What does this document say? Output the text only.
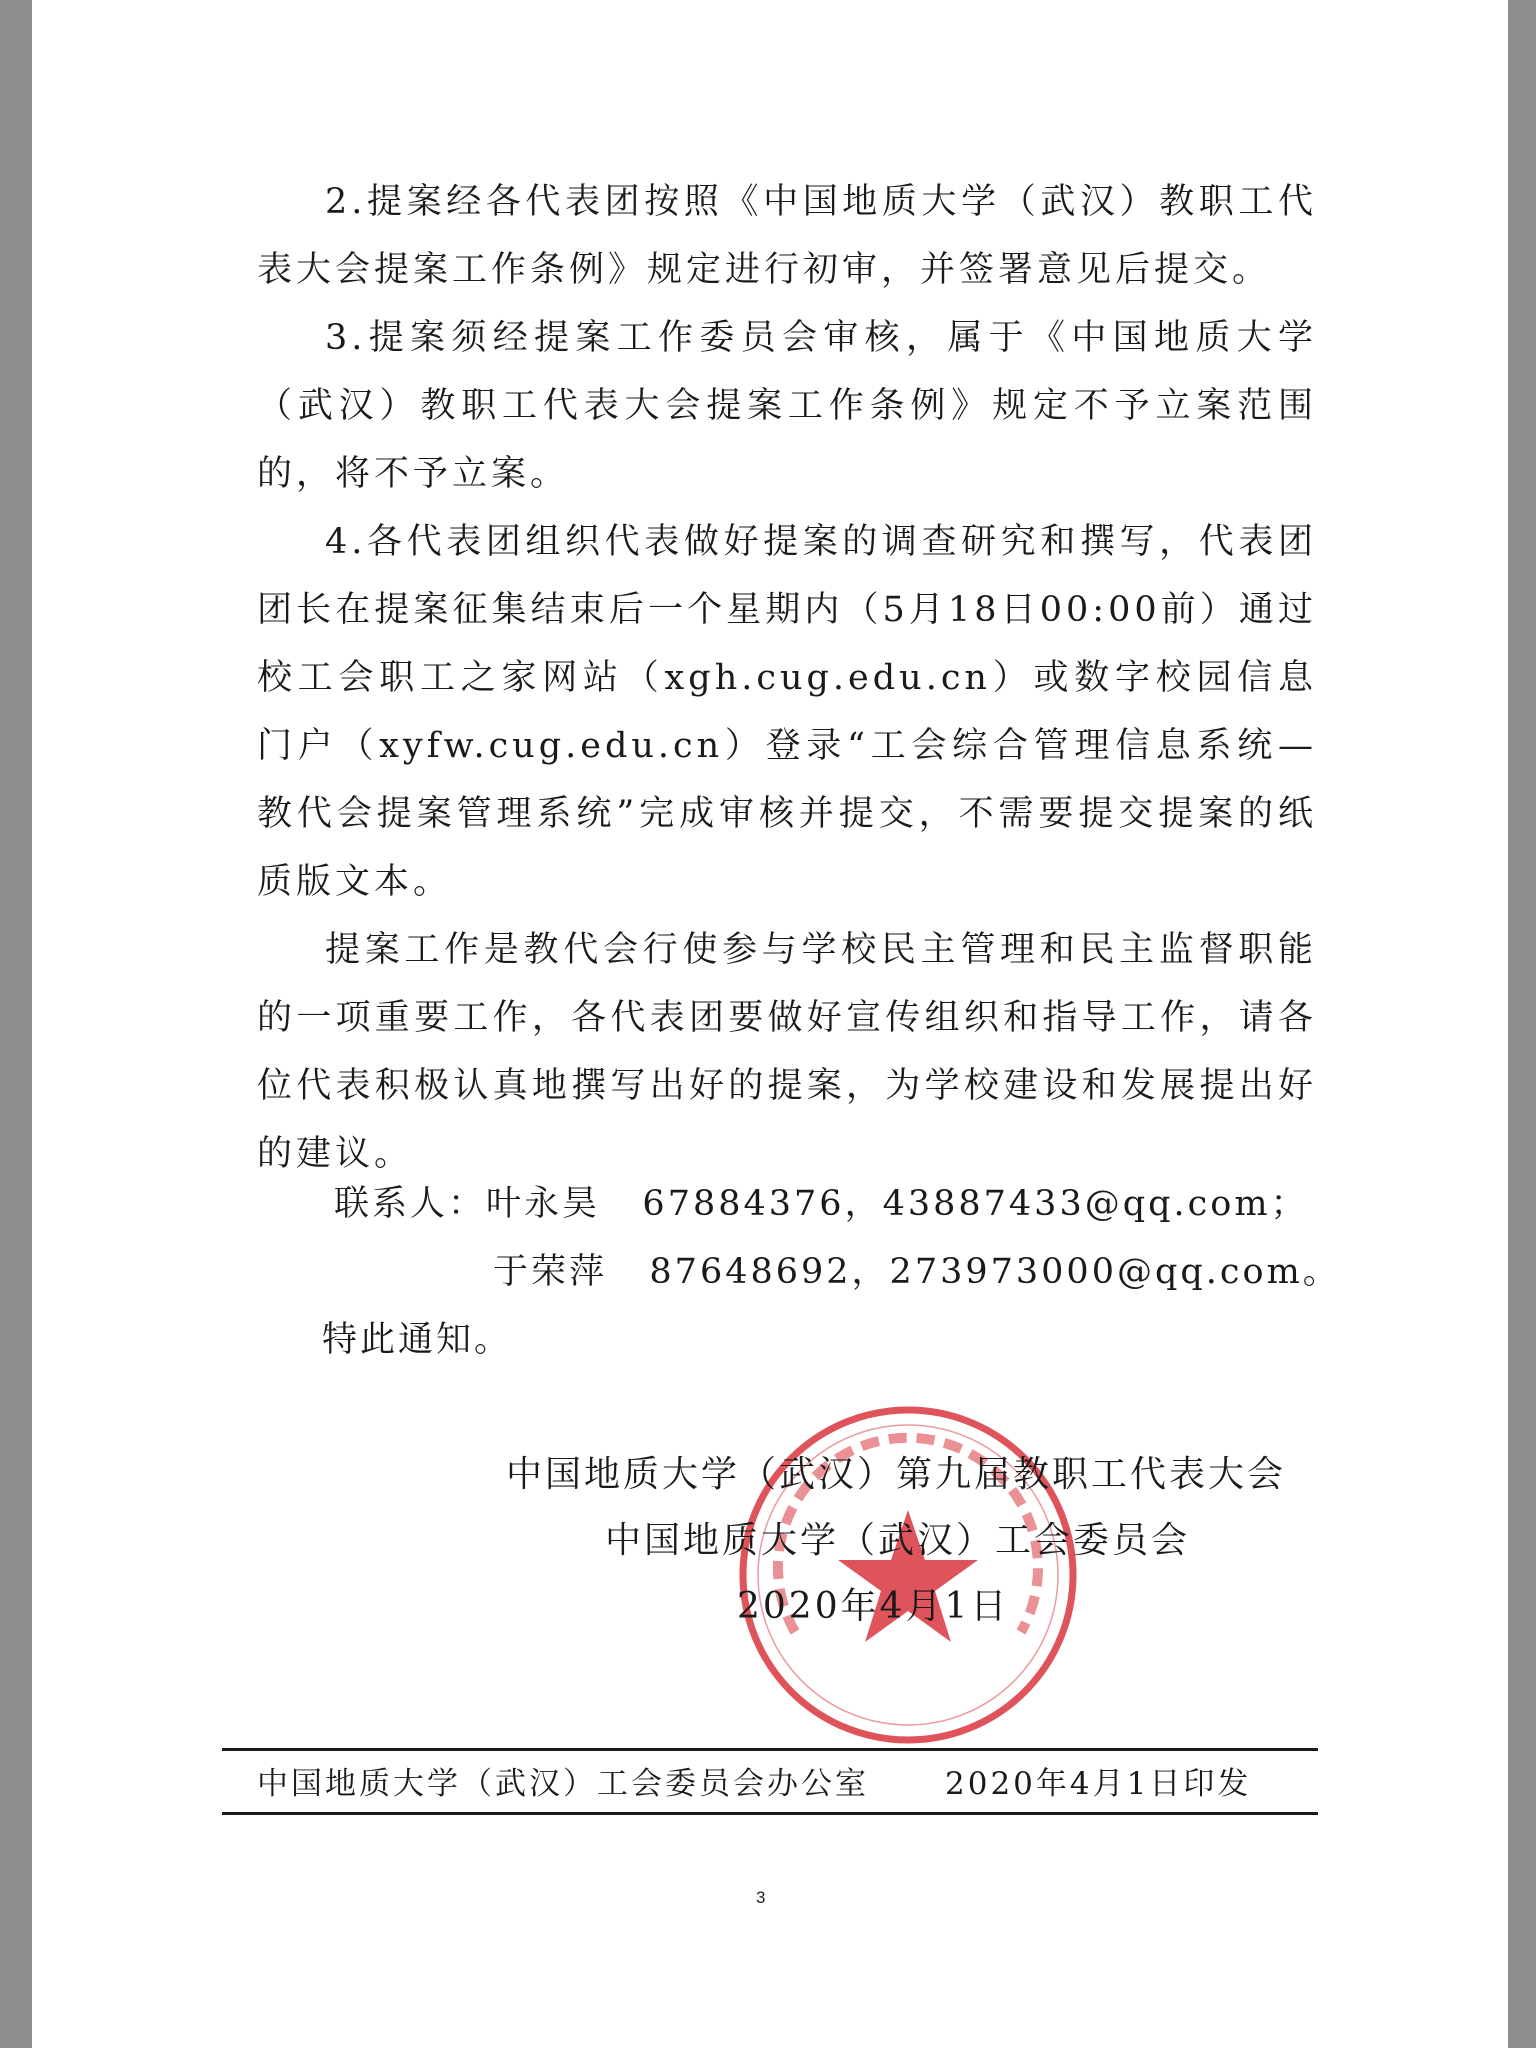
2.提案经各代表团按照《中国地质大学（武汉）教职工代表大会提案工作条例》规定进行初审，并签署意见后提交。

3.提案须经提案工作委员会审核，属于《中国地质大学（武汉）教职工代表大会提案工作条例》规定不予立案范围的，将不予立案。

4.各代表团组织代表做好提案的调查研究和撰写，代表团团长在提案征集结束后一个星期内（5月18日00:00前）通过校工会职工之家网站（xgh.cug.edu.cn）或数字校园信息门户（xyfw.cug.edu.cn）登录“工会综合管理信息系统—教代会提案管理系统”完成审核并提交，不需要提交提案的纸质版文本。

提案工作是教代会行使参与学校民主管理和民主监督职能的一项重要工作，各代表团要做好宣传组织和指导工作，请各位代表积极认真地撰写出好的提案，为学校建设和发展提出好的建议。

联系人：叶永昊 67884376，43887433@qq.com；
于荣萍 87648692，273973000@qq.com。
特此通知。
中国地质大学（武汉）第九届教职工代表大会
中国地质大学（武汉）工会委员会
2020年4月1日
中国地质大学（武汉）工会委员会办公室 2020年4月1日印发
3
